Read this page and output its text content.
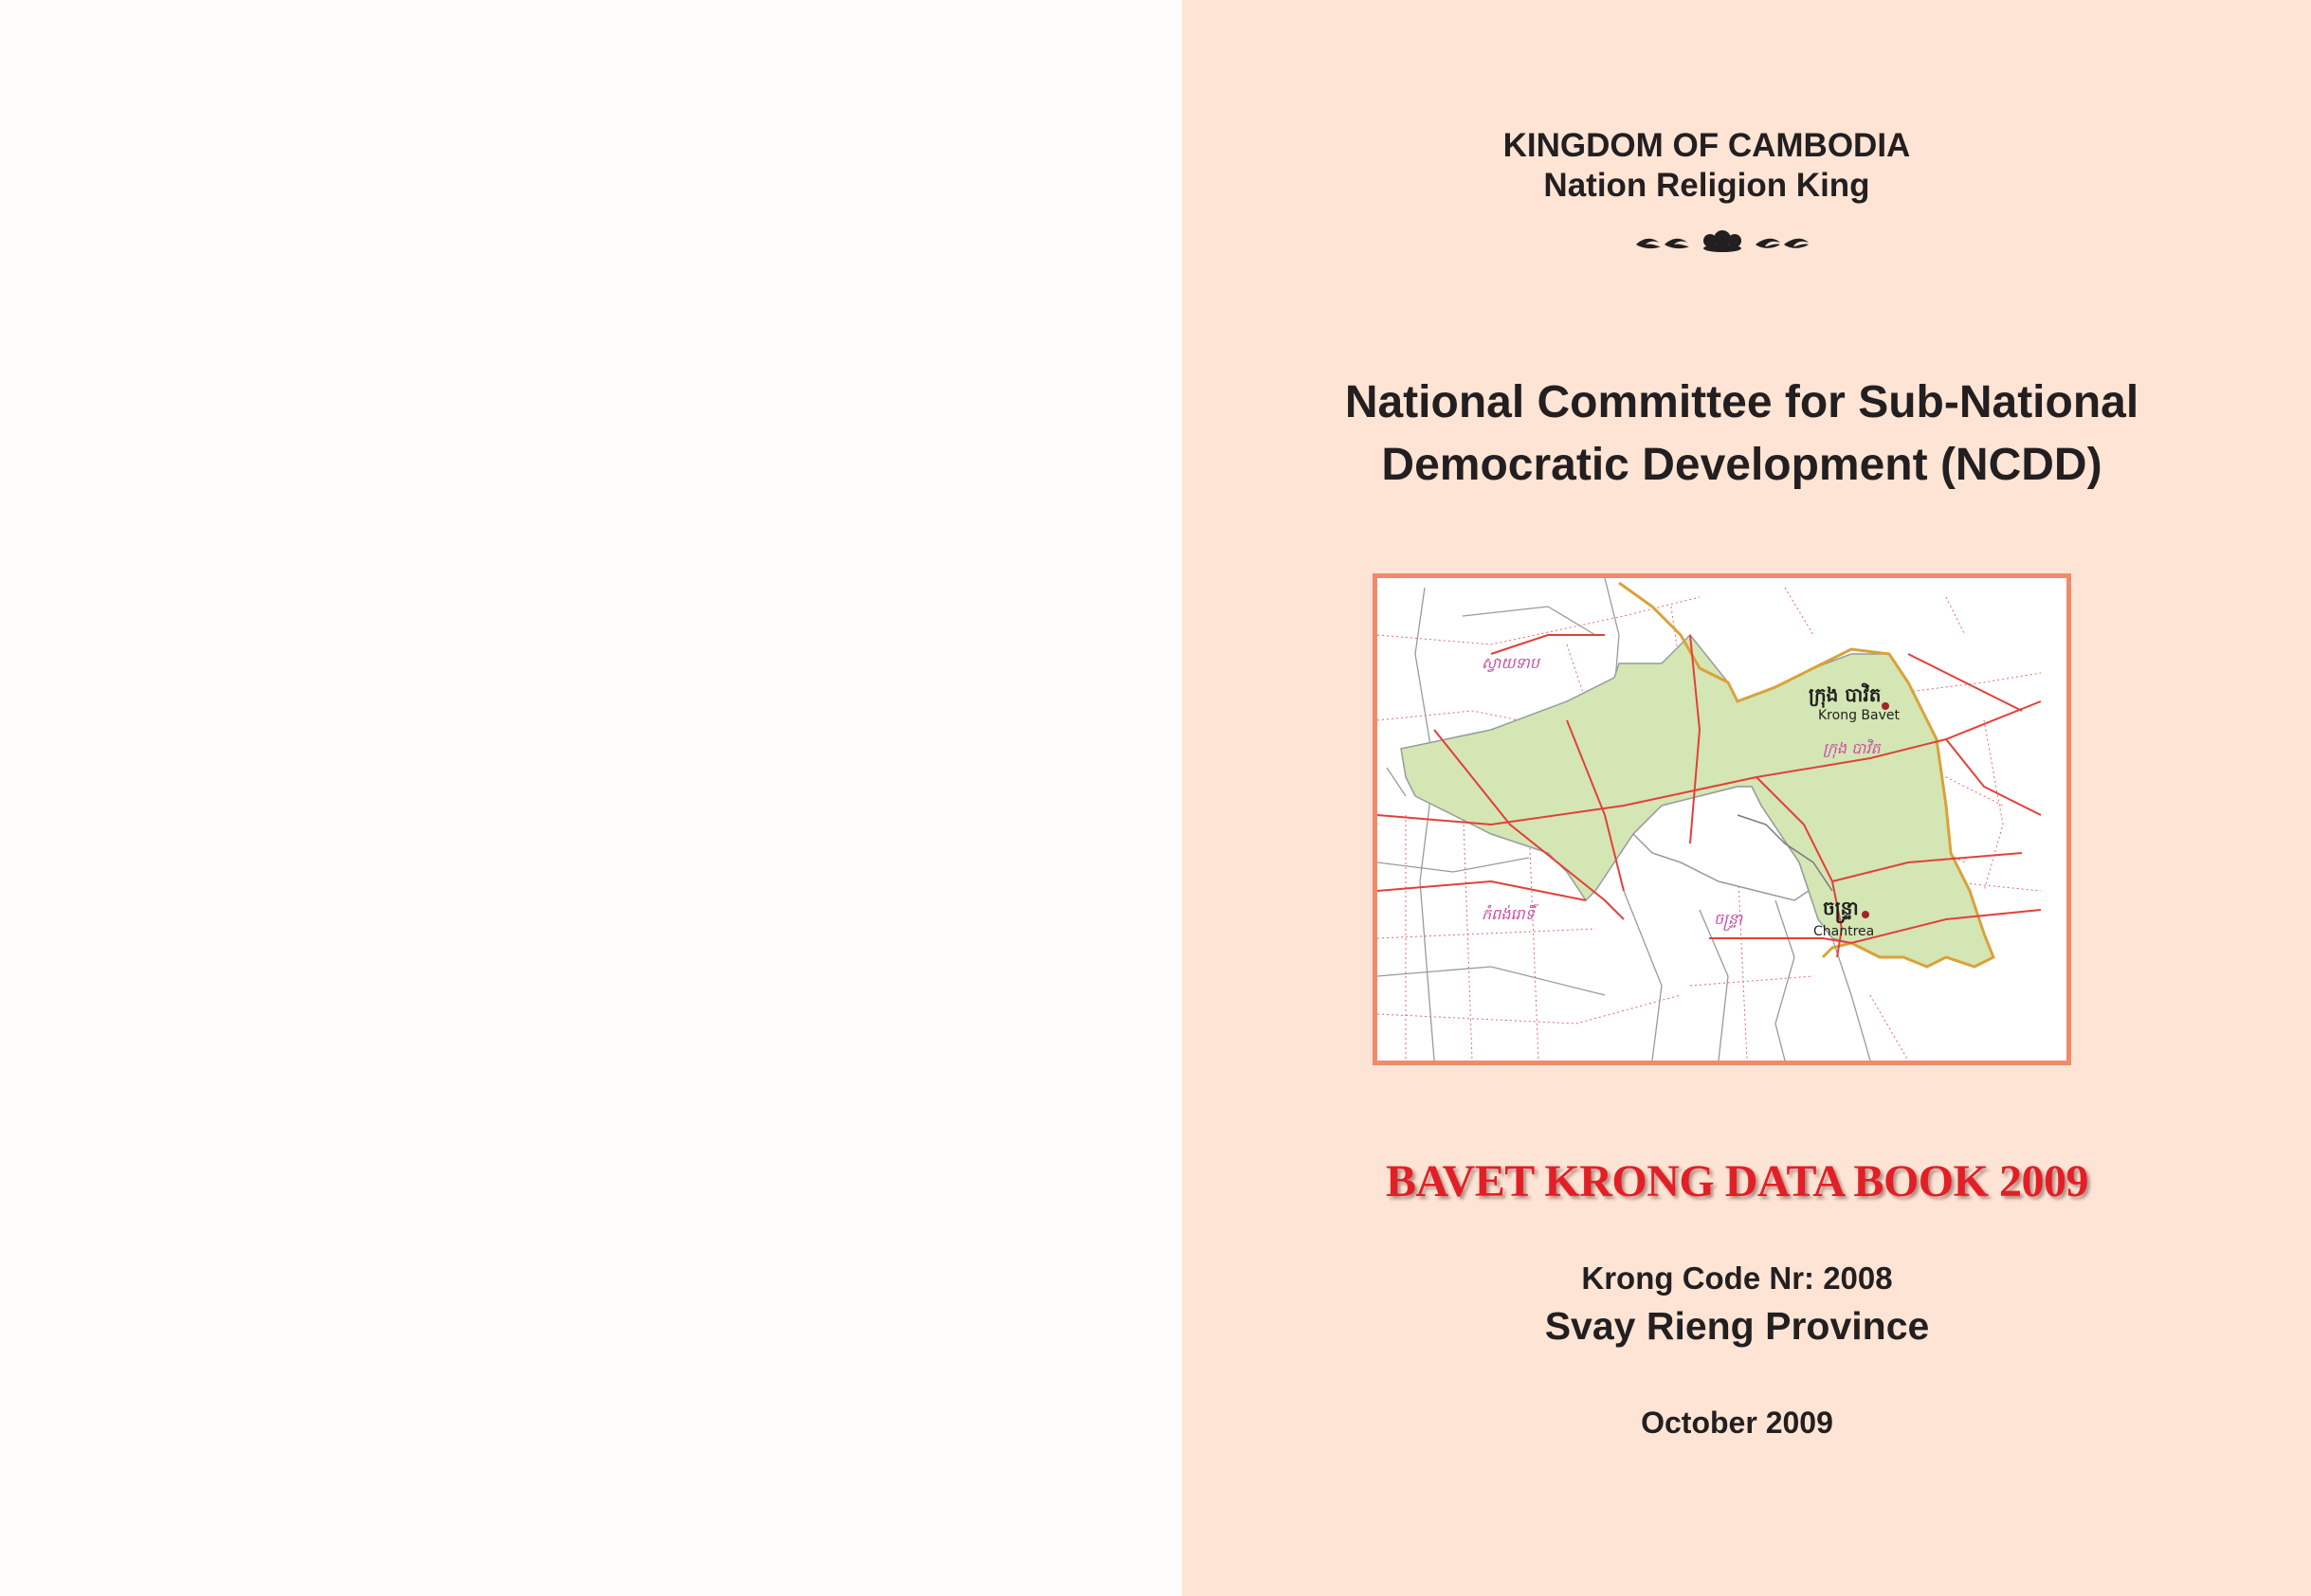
KINGDOM OF CAMBODIA
Nation Religion King
National Committee for Sub-National
Democratic Development (NCDD)
ក្រុង បាវិត
Krong Bavet
ក្រុង បាវិត
ចន្ទ្រា
Chantrea
ចន្ទ្រា
ស្វាយទាប
កំពង់រោទិ៍
BAVET KRONG DATA BOOK 2009
Krong Code Nr: 2008
Svay Rieng Province
October 2009
